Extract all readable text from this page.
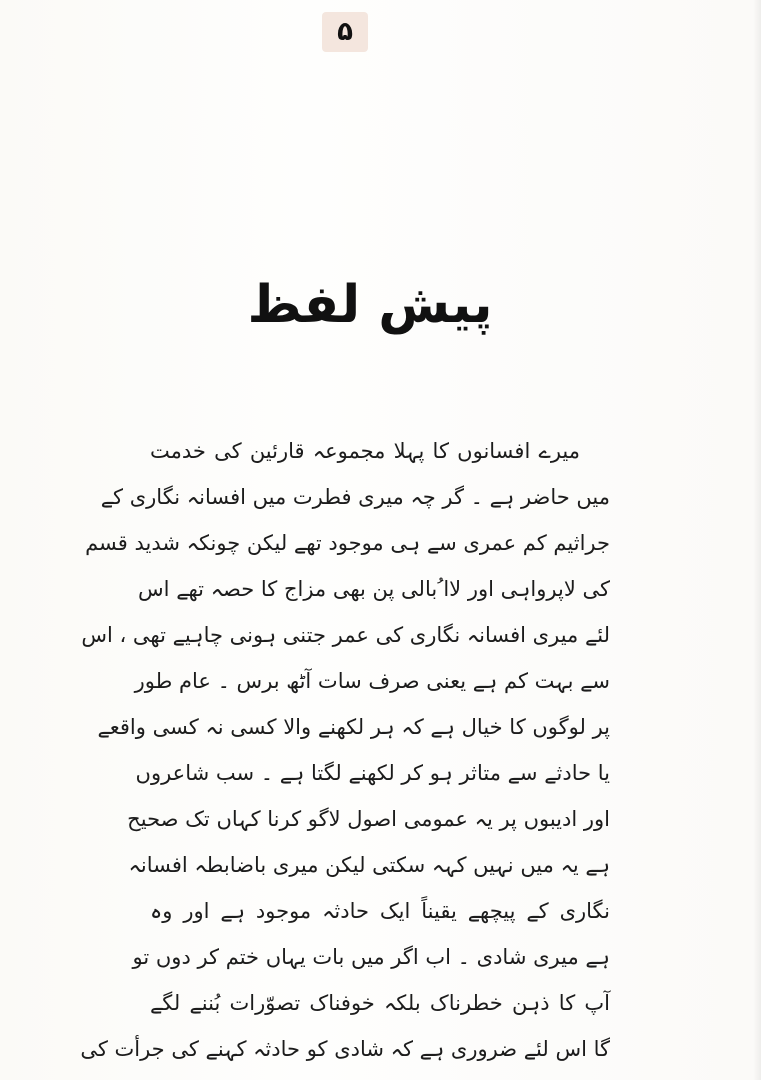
۵
پیش لفظ
میرے افسانوں کا پہلا مجموعہ قارئین کی خدمت
میں حاضر ہے ۔ گر چہ میری فطرت میں افسانہ نگاری کے
جراثیم کم عمری سے ہی موجود تھے لیکن چونکہ شدید قسم
کی لاپرواہی اور لاا ُبالی پن بھی مزاج کا حصہ تھے اس
لئے میری افسانہ نگاری کی عمر جتنی ہونی چاہیے تھی ، اس
سے بہت کم ہے یعنی صرف سات آٹھ برس ۔ عام طور
پر لوگوں کا خیال ہے کہ ہر لکھنے والا کسی نہ کسی واقعے
یا حادثے سے متاثر ہو کر لکھنے لگتا ہے ۔ سب شاعروں
اور ادیبوں پر یہ عمومی اصول لاگو کرنا کہاں تک صحیح
ہے یہ میں نہیں کہہ سکتی لیکن میری باضابطہ افسانہ
نگاری کے پیچھے یقیناً ایک حادثہ موجود ہے اور وہ
ہے میری شادی ۔ اب اگر میں بات یہاں ختم کر دوں تو
آپ کا ذہن خطرناک بلکہ خوفناک تصوّرات بُننے لگے
گا اس لئے ضروری ہے کہ شادی کو حادثہ کہنے کی جرأت کی
